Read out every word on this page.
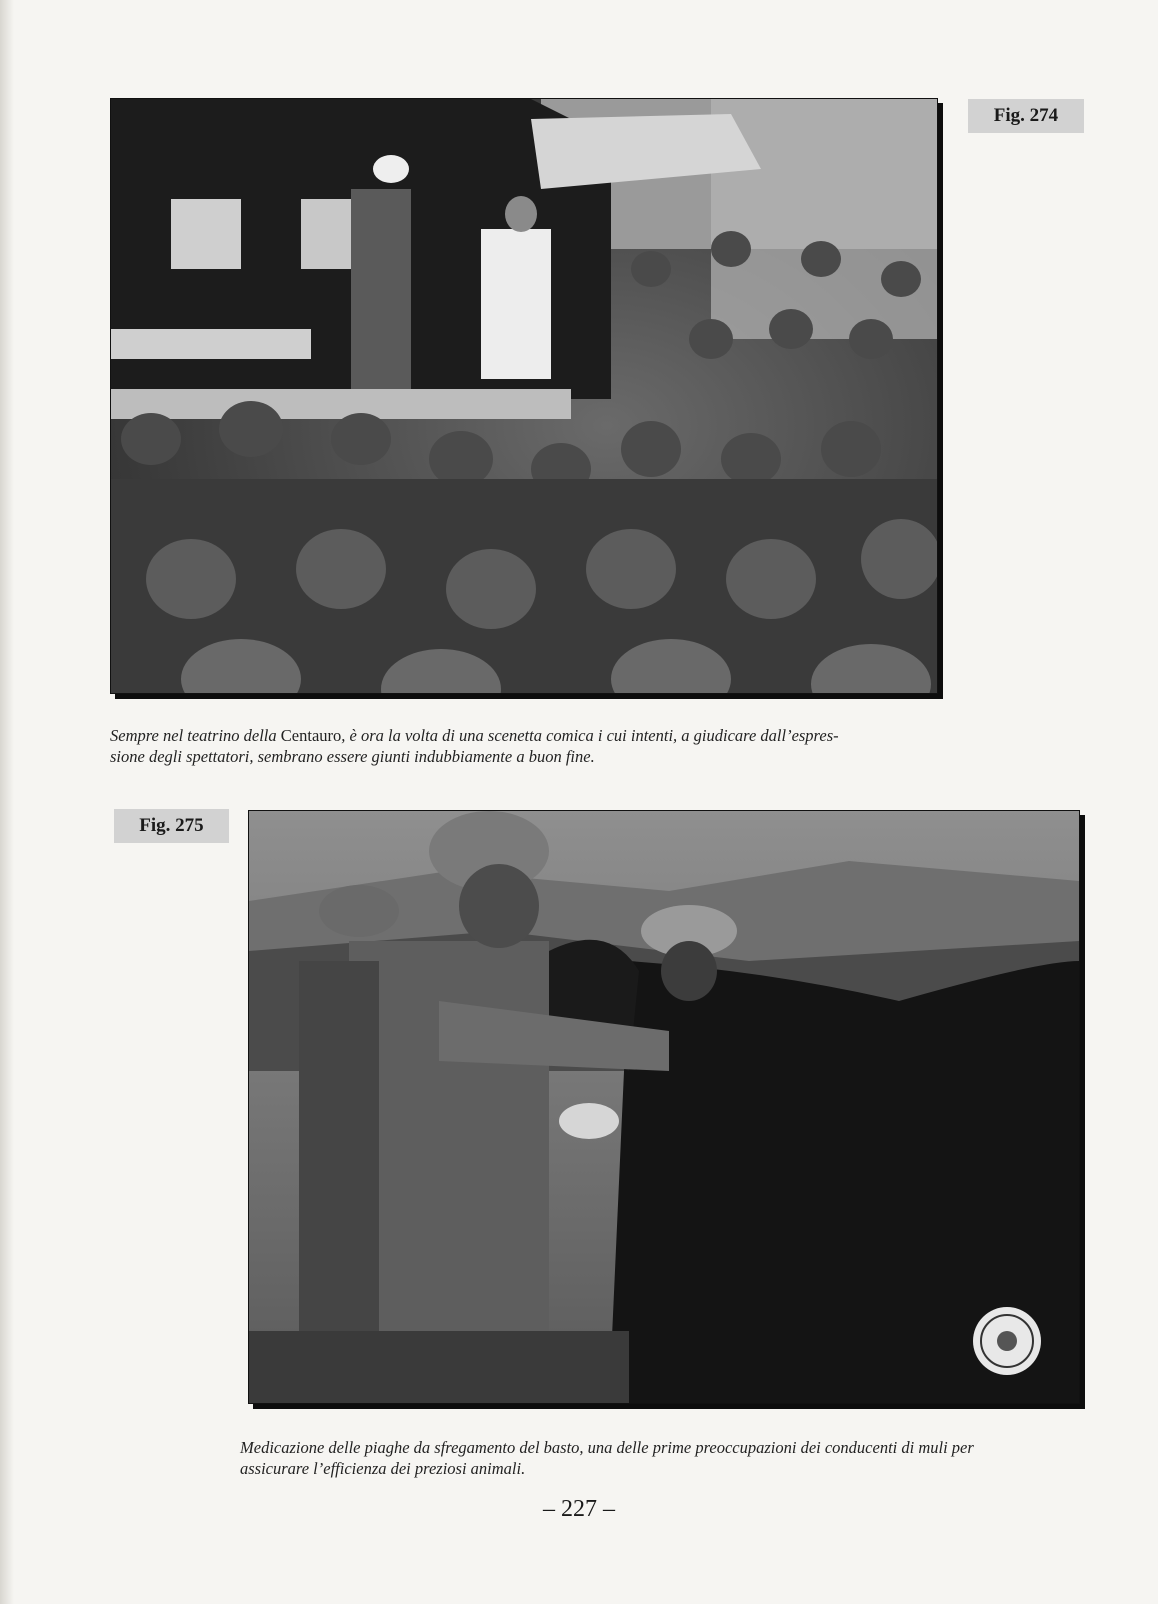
Fig. 274
Sempre nel teatrino della Centauro, è ora la volta di una scenetta comica i cui intenti, a giudicare dall’espres-
sione degli spettatori, sembrano essere giunti indubbiamente a buon fine.
Fig. 275
Medicazione delle piaghe da sfregamento del basto, una delle prime preoccupazioni dei conducenti di muli per
assicurare l’efficienza dei preziosi animali.
– 227 –
